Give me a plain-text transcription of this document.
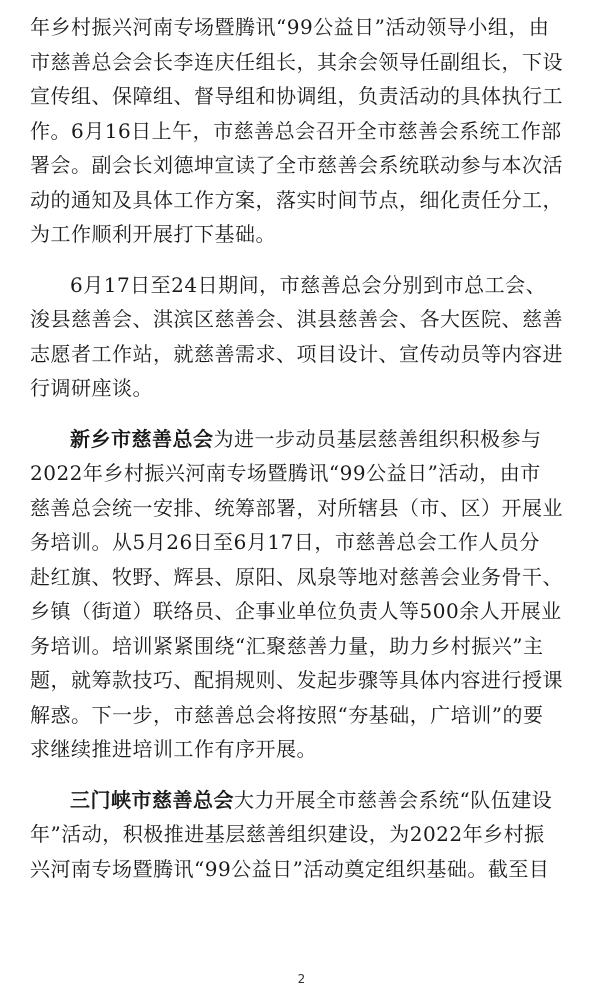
年乡村振兴河南专场暨腾讯“99公益日”活动领导小组，由
市慈善总会会长李连庆任组长，其余会领导任副组长，下设
宣传组、保障组、督导组和协调组，负责活动的具体执行工
作。6月16日上午，市慈善总会召开全市慈善会系统工作部
署会。副会长刘德坤宣读了全市慈善会系统联动参与本次活
动的通知及具体工作方案，落实时间节点，细化责任分工，
为工作顺利开展打下基础。

6月17日至24日期间，市慈善总会分别到市总工会、
浚县慈善会、淇滨区慈善会、淇县慈善会、各大医院、慈善
志愿者工作站，就慈善需求、项目设计、宣传动员等内容进
行调研座谈。

新乡市慈善总会为进一步动员基层慈善组织积极参与
2022年乡村振兴河南专场暨腾讯“99公益日”活动，由市
慈善总会统一安排、统筹部署，对所辖县（市、区）开展业
务培训。从5月26日至6月17日，市慈善总会工作人员分
赴红旗、牧野、辉县、原阳、凤泉等地对慈善会业务骨干、
乡镇（街道）联络员、企事业单位负责人等500余人开展业
务培训。培训紧紧围绕“汇聚慈善力量，助力乡村振兴”主
题，就筹款技巧、配捐规则、发起步骤等具体内容进行授课
解惑。下一步，市慈善总会将按照“夯基础，广培训”的要
求继续推进培训工作有序开展。

三门峡市慈善总会大力开展全市慈善会系统“队伍建设
年”活动，积极推进基层慈善组织建设，为2022年乡村振
兴河南专场暨腾讯“99公益日”活动奠定组织基础。截至目

2
